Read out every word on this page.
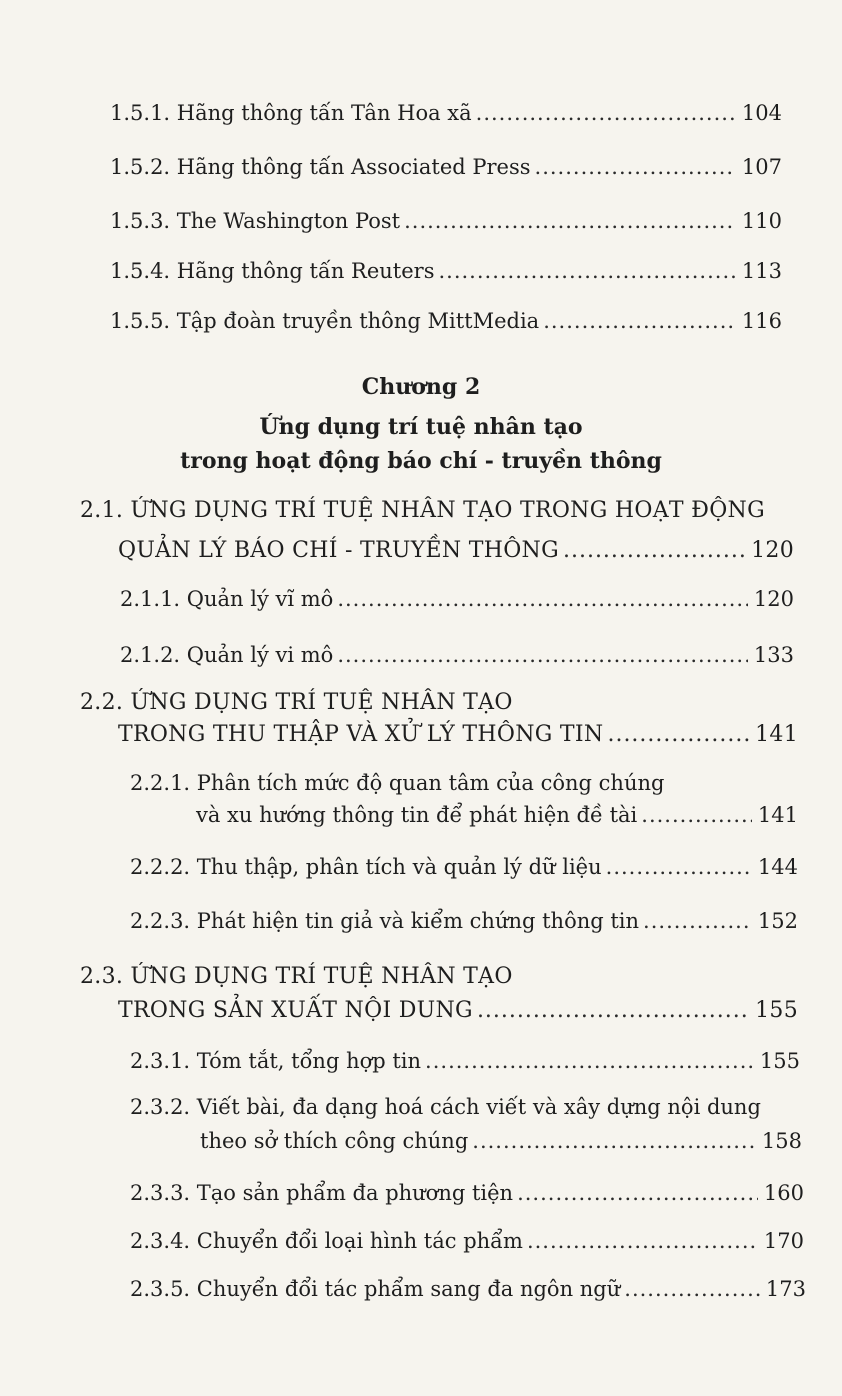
1.5.1. Hãng thông tấn Tân Hoa xã .....	104
1.5.2. Hãng thông tấn Associated Press .....	107
1.5.3. The Washington Post .....	110
1.5.4. Hãng thông tấn Reuters .....	113
1.5.5. Tập đoàn truyền thông MittMedia .....	116
Chương 2
Ứng dụng trí tuệ nhân tạo
trong hoạt động báo chí - truyền thông
2.1. ỨNG DỤNG TRÍ TUỆ NHÂN TẠO TRONG HOẠT ĐỘNG
QUẢN LÝ BÁO CHÍ - TRUYỀN THÔNG .....	120
2.1.1. Quản lý vĩ mô .....	120
2.1.2. Quản lý vi mô .....	133
2.2. ỨNG DỤNG TRÍ TUỆ NHÂN TẠO
TRONG THU THẬP VÀ XỬ LÝ THÔNG TIN .....	141
2.2.1. Phân tích mức độ quan tâm của công chúng
và xu hướng thông tin để phát hiện đề tài .....	141
2.2.2. Thu thập, phân tích và quản lý dữ liệu .....	144
2.2.3. Phát hiện tin giả và kiểm chứng thông tin .....	152
2.3. ỨNG DỤNG TRÍ TUỆ NHÂN TẠO
TRONG SẢN XUẤT NỘI DUNG .....	155
2.3.1. Tóm tắt, tổng hợp tin .....	155
2.3.2. Viết bài, đa dạng hoá cách viết và xây dựng nội dung
theo sở thích công chúng .....	158
2.3.3. Tạo sản phẩm đa phương tiện .....	160
2.3.4. Chuyển đổi loại hình tác phẩm .....	170
2.3.5. Chuyển đổi tác phẩm sang đa ngôn ngữ .....	173
